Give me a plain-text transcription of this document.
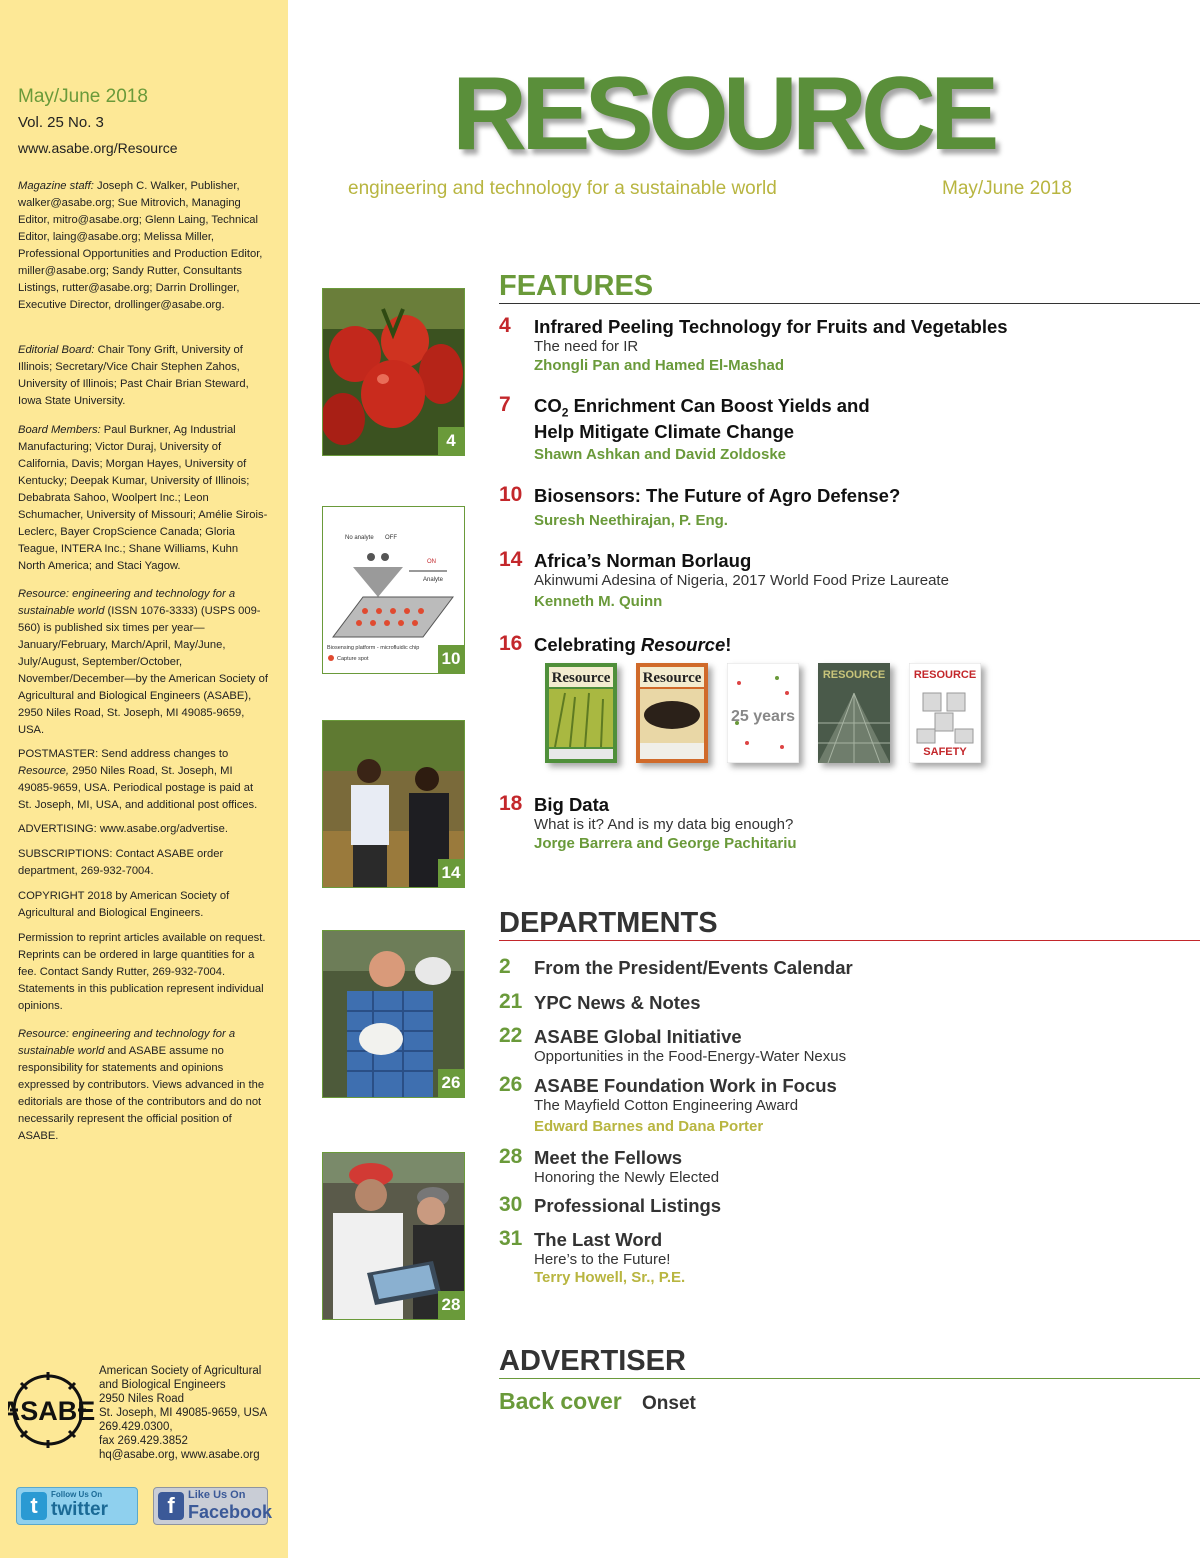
May/June 2018
Vol. 25 No. 3
www.asabe.org/Resource
Magazine staff: Joseph C. Walker, Publisher, walker@asabe.org; Sue Mitrovich, Managing Editor, mitro@asabe.org; Glenn Laing, Technical Editor, laing@asabe.org; Melissa Miller, Professional Opportunities and Production Editor, miller@asabe.org; Sandy Rutter, Consultants Listings, rutter@asabe.org; Darrin Drollinger, Executive Director, drollinger@asabe.org.
Editorial Board: Chair Tony Grift, University of Illinois; Secretary/Vice Chair Stephen Zahos, University of Illinois; Past Chair Brian Steward, Iowa State University.
Board Members: Paul Burkner, Ag Industrial Manufacturing; Victor Duraj, University of California, Davis; Morgan Hayes, University of Kentucky; Deepak Kumar, University of Illinois; Debabrata Sahoo, Woolpert Inc.; Leon Schumacher, University of Missouri; Amélie Sirois-Leclerc, Bayer CropScience Canada; Gloria Teague, INTERA Inc.; Shane Williams, Kuhn North America; and Staci Yagow.
Resource: engineering and technology for a sustainable world (ISSN 1076-3333) (USPS 009-560) is published six times per year—January/February, March/April, May/June, July/August, September/October, November/December—by the American Society of Agricultural and Biological Engineers (ASABE), 2950 Niles Road, St. Joseph, MI 49085-9659, USA.
POSTMASTER: Send address changes to Resource, 2950 Niles Road, St. Joseph, MI 49085-9659, USA. Periodical postage is paid at St. Joseph, MI, USA, and additional post offices.
ADVERTISING: www.asabe.org/advertise.
SUBSCRIPTIONS: Contact ASABE order department, 269-932-7004.
COPYRIGHT 2018 by American Society of Agricultural and Biological Engineers.
Permission to reprint articles available on request. Reprints can be ordered in large quantities for a fee. Contact Sandy Rutter, 269-932-7004. Statements in this publication represent individual opinions.
Resource: engineering and technology for a sustainable world and ASABE assume no responsibility for statements and opinions expressed by contributors. Views advanced in the editorials are those of the contributors and do not necessarily represent the official position of ASABE.
ASABE
American Society of Agricultural
and Biological Engineers
2950 Niles Road
St. Joseph, MI 49085-9659, USA
269.429.0300,
fax 269.429.3852
hq@asabe.org, www.asabe.org
t	Follow Us On
twitter	f	Like Us On
Facebook
RESOURCE
engineering and technology for a sustainable world	May/June 2018
FEATURES
4 Infrared Peeling Technology for Fruits and Vegetables
The need for IR
Zhongli Pan and Hamed El-Mashad
7 $CO_2$ Enrichment Can Boost Yields and
Help Mitigate Climate Change
Shawn Ashkan and David Zoldoske
10 Biosensors: The Future of Agro Defense?
Suresh Neethirajan, P. Eng.
14 Africa’s Norman Borlaug
Akinwumi Adesina of Nigeria, 2017 World Food Prize Laureate
Kenneth M. Quinn
16 Celebrating Resource!
Resource Resource
25 years
RESOURCE	RESOURCE
SAFETY
18 Big Data
What is it? And is my data big enough?
Jorge Barrera and George Pachitariu
4
No analyte OFF
ON
Analyte
Biosensing platform - microfluidic chip
Capture spot	10
14
26
28
DEPARTMENTS
2 From the President/Events Calendar
21 YPC News & Notes
22 ASABE Global Initiative
Opportunities in the Food-Energy-Water Nexus
26 ASABE Foundation Work in Focus
The Mayfield Cotton Engineering Award
Edward Barnes and Dana Porter
28 Meet the Fellows
Honoring the Newly Elected
30 Professional Listings
31 The Last Word
Here’s to the Future!
Terry Howell, Sr., P.E.
ADVERTISER
Back cover Onset
